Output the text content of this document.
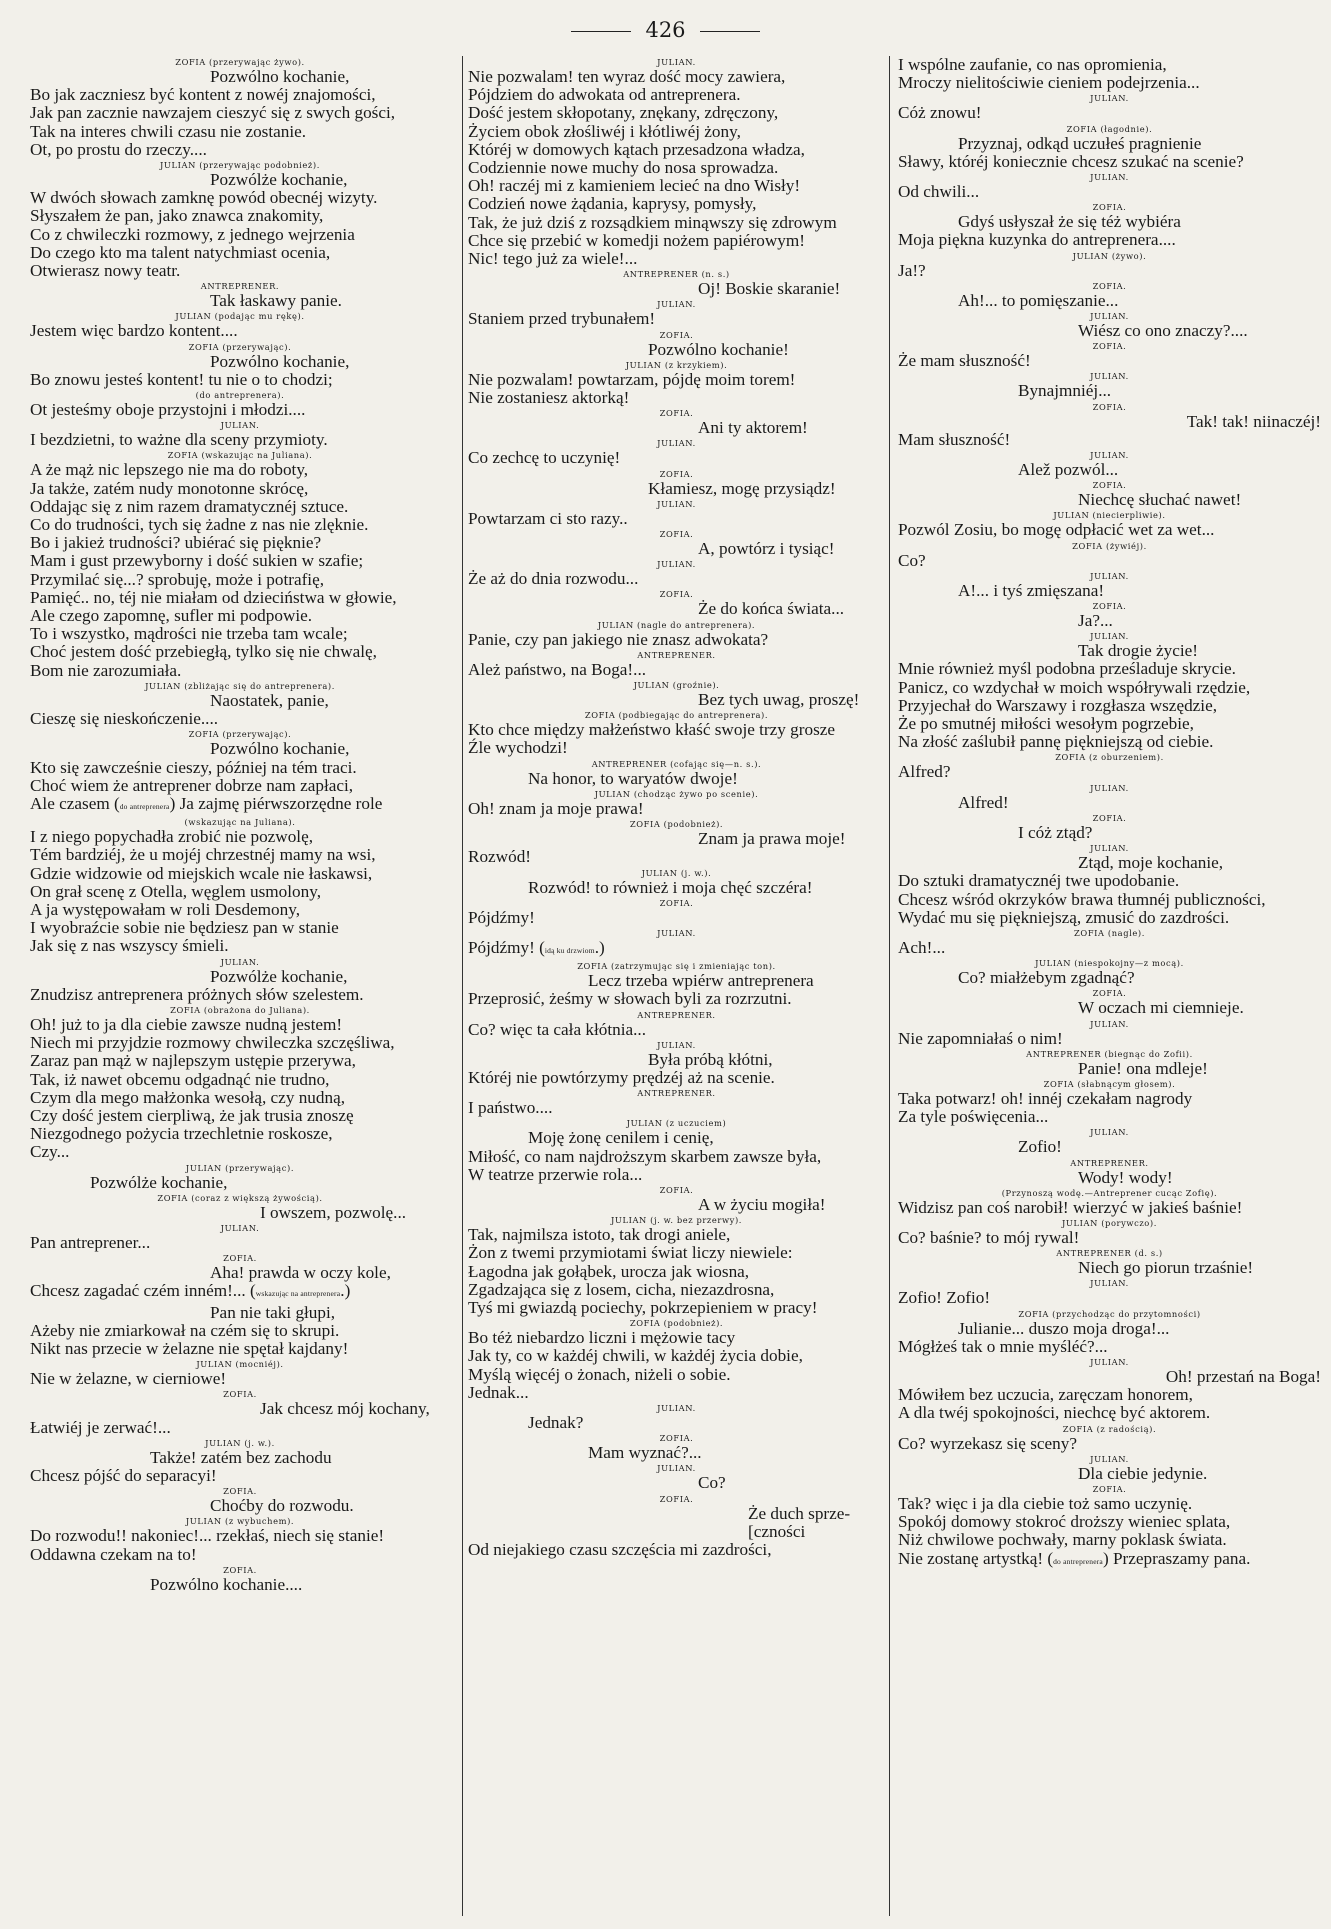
426
ZOFIA (przerywając żywo).
Pozwólno kochanie,
Bo jak zaczniesz być kontent z nowéj znajomości,
Jak pan zacznie nawzajem cieszyć się z swych gości,
Tak na interes chwili czasu nie zostanie.
Ot, po prostu do rzeczy....
JULIAN (przerywając podobnież).
Pozwólże kochanie,
W dwóch słowach zamknę powód obecnéj wizyty.
Słyszałem że pan, jako znawca znakomity,
Co z chwileczki rozmowy, z jednego wejrzenia
Do czego kto ma talent natychmiast ocenia,
Otwierasz nowy teatr.
ANTREPRENER.
Tak łaskawy panie.
JULIAN (podając mu rękę).
Jestem więc bardzo kontent....
ZOFIA (przerywając).
Pozwólno kochanie,
Bo znowu jesteś kontent! tu nie o to chodzi;
(do antreprenera).
Ot jesteśmy oboje przystojni i młodzi....
JULIAN.
I bezdzietni, to ważne dla sceny przymioty.
ZOFIA (wskazując na Juliana).
A że mąż nic lepszego nie ma do roboty,
Ja także, zatém nudy monotonne skrócę,
Oddając się z nim razem dramatycznéj sztuce.
Co do trudności, tych się żadne z nas nie zlęknie.
Bo i jakież trudności? ubiérać się pięknie?
Mam i gust przewyborny i dość sukien w szafie;
Przymilać się...? sprobuję, może i potrafię,
Pamięć.. no, téj nie miałam od dzieciństwa w głowie,
Ale czego zapomnę, sufler mi podpowie.
To i wszystko, mądrości nie trzeba tam wcale;
Choć jestem dość przebiegłą, tylko się nie chwalę,
Bom nie zarozumiała.
JULIAN (zbliżając się do antreprenera).
Naostatek, panie,
Cieszę się nieskończenie....
ZOFIA (przerywając).
Pozwólno kochanie,
Kto się zawcześnie cieszy, później na tém traci.
Choć wiem że antreprener dobrze nam zapłaci,
Ale czasem (do antreprenera) Ja zajmę piérwszorzędne role
(wskazując na Juliana).
I z niego popychadła zrobić nie pozwolę,
Tém bardziéj, że u mojéj chrzestnéj mamy na wsi,
Gdzie widzowie od miejskich wcale nie łaskawsi,
On grał scenę z Otella, węglem usmolony,
A ja występowałam w roli Desdemony,
I wyobraźcie sobie nie będziesz pan w stanie
Jak się z nas wszyscy śmieli.
JULIAN.
Pozwólże kochanie,
Znudzisz antreprenera próżnych słów szelestem.
ZOFIA (obrażona do Juliana).
Oh! już to ja dla ciebie zawsze nudną jestem!
Niech mi przyjdzie rozmowy chwileczka szczęśliwa,
Zaraz pan mąż w najlepszym ustępie przerywa,
Tak, iż nawet obcemu odgadnąć nie trudno,
Czym dla mego małżonka wesołą, czy nudną,
Czy dość jestem cierpliwą, że jak trusia znoszę
Niezgodnego pożycia trzechletnie roskosze,
Czy...
JULIAN (przerywając).
Pozwólże kochanie,
ZOFIA (coraz z większą żywością).
I owszem, pozwolę...
JULIAN.
Pan antreprener...
ZOFIA.
Aha! prawda w oczy kole,
Chcesz zagadać czém inném!... (wskazując na antreprenera.)
Pan nie taki głupi,
Ażeby nie zmiarkował na czém się to skrupi.
Nikt nas przecie w żelazne nie spętał kajdany!
JULIAN (mocniéj).
Nie w żelazne, w cierniowe!
ZOFIA.
Jak chcesz mój kochany,
Łatwiéj je zerwać!...
JULIAN (j. w.).
Także! zatém bez zachodu
Chcesz pójść do separacyi!
ZOFIA.
Choćby do rozwodu.
JULIAN (z wybuchem).
Do rozwodu!! nakoniec!... rzekłaś, niech się stanie!
Oddawna czekam na to!
ZOFIA.
Pozwólno kochanie....
JULIAN.
Nie pozwalam! ten wyraz dość mocy zawiera,
Pójdziem do adwokata od antreprenera.
Dość jestem skłopotany, znękany, zdręczony,
Życiem obok złośliwéj i kłótliwéj żony,
Któréj w domowych kątach przesadzona władza,
Codziennie nowe muchy do nosa sprowadza.
Oh! raczéj mi z kamieniem lecieć na dno Wisły!
Codzień nowe żądania, kaprysy, pomysły,
Tak, że już dziś z rozsądkiem minąwszy się zdrowym
Chce się przebić w komedji nożem papiérowym!
Nic! tego już za wiele!...
ANTREPRENER (n. s.)
Oj! Boskie skaranie!
JULIAN.
Staniem przed trybunałem!
ZOFIA.
Pozwólno kochanie!
JULIAN (z krzykiem).
Nie pozwalam! powtarzam, pójdę moim torem!
Nie zostaniesz aktorką!
ZOFIA.
Ani ty aktorem!
JULIAN.
Co zechcę to uczynię!
ZOFIA.
Kłamiesz, mogę przysiądz!
JULIAN.
Powtarzam ci sto razy..
ZOFIA.
A, powtórz i tysiąc!
JULIAN.
Że aż do dnia rozwodu...
ZOFIA.
Że do końca świata...
JULIAN (nagle do antreprenera).
Panie, czy pan jakiego nie znasz adwokata?
ANTREPRENER.
Ależ państwo, na Boga!...
JULIAN (groźnie).
Bez tych uwag, proszę!
ZOFIA (podbiegając do antreprenera).
Kto chce między małżeństwo kłaść swoje trzy grosze
Źle wychodzi!
ANTREPRENER (cofając się—n. s.).
Na honor, to waryatów dwoje!
JULIAN (chodząc żywo po scenie).
Oh! znam ja moje prawa!
ZOFIA (podobnież).
Znam ja prawa moje!
Rozwód!
JULIAN (j. w.).
Rozwód! to również i moja chęć szczéra!
ZOFIA.
Pójdźmy!
JULIAN.
Pójdźmy! (idą ku drzwiom.)
ZOFIA (zatrzymując się i zmieniając ton).
Lecz trzeba wpiérw antreprenera
Przeprosić, żeśmy w słowach byli za rozrzutni.
ANTREPRENER.
Co? więc ta cała kłótnia...
JULIAN.
Była próbą kłótni,
Któréj nie powtórzymy prędzéj aż na scenie.
ANTREPRENER.
I państwo....
JULIAN (z uczuciem)
Moję żonę cenilem i cenię,
Miłość, co nam najdroższym skarbem zawsze była,
W teatrze przerwie rola...
ZOFIA.
A w życiu mogiła!
JULIAN (j. w. bez przerwy).
Tak, najmilsza istoto, tak drogi aniele,
Żon z twemi przymiotami świat liczy niewiele:
Łagodna jak gołąbek, urocza jak wiosna,
Zgadzająca się z losem, cicha, niezazdrosna,
Tyś mi gwiazdą pociechy, pokrzepieniem w pracy!
ZOFIA (podobnież).
Bo téż niebardzo liczni i mężowie tacy
Jak ty, co w każdéj chwili, w każdéj życia dobie,
Myślą więcéj o żonach, niżeli o sobie.
Jednak...
JULIAN.
Jednak?
ZOFIA.
Mam wyznać?...
JULIAN.
Co?
ZOFIA.
Że duch sprze-
[czności
Od niejakiego czasu szczęścia mi zazdrości,
I wspólne zaufanie, co nas opromienia,
Mroczy nielitościwie cieniem podejrzenia...
JULIAN.
Cóż znowu!
ZOFIA (łagodnie).
Przyznaj, odkąd uczułeś pragnienie
Sławy, któréj koniecznie chcesz szukać na scenie?
JULIAN.
Od chwili...
ZOFIA.
Gdyś usłyszał że się téż wybiéra
Moja piękna kuzynka do antreprenera....
JULIAN (żywo).
Ja!?
ZOFIA.
Ah!... to pomięszanie...
JULIAN.
Wiész co ono znaczy?....
ZOFIA.
Że mam słuszność!
JULIAN.
Bynajmniéj...
ZOFIA.
Tak! tak! niinaczéj!
Mam słuszność!
JULIAN.
Alež pozwól...
ZOFIA.
Niechcę słuchać nawet!
JULIAN (niecierpliwie).
Pozwól Zosiu, bo mogę odpłacić wet za wet...
ZOFIA (żywiéj).
Co?
JULIAN.
A!... i tyś zmięszana!
ZOFIA.
Ja?...
JULIAN.
Tak drogie życie!
Mnie również myśl podobna prześladuje skrycie.
Panicz, co wzdychał w moich współrywali rzędzie,
Przyjechał do Warszawy i rozgłasza wszędzie,
Że po smutnéj miłości wesołym pogrzebie,
Na złość zaślubił pannę piękniejszą od ciebie.
ZOFIA (z oburzeniem).
Alfred?
JULIAN.
Alfred!
ZOFIA.
I cóż ztąd?
JULIAN.
Ztąd, moje kochanie,
Do sztuki dramatycznéj twe upodobanie.
Chcesz wśród okrzyków brawa tłumnéj publiczności,
Wydać mu się piękniejszą, zmusić do zazdrości.
ZOFIA (nagle).
Ach!...
JULIAN (niespokojny—z mocą).
Co? miałżebym zgadnąć?
ZOFIA.
W oczach mi ciemnieje.
JULIAN.
Nie zapomniałaś o nim!
ANTREPRENER (biegnąc do Zofii).
Panie! ona mdleje!
ZOFIA (słabnącym głosem).
Taka potwarz! oh! innéj czekałam nagrody
Za tyle poświęcenia...
JULIAN.
Zofio!
ANTREPRENER.
Wody! wody!
(Przynoszą wodę.—Antreprener cucąc Zofię).
Widzisz pan coś narobił! wierzyć w jakieś baśnie!
JULIAN (porywczo).
Co? baśnie? to mój rywal!
ANTREPRENER (d. s.)
Niech go piorun trzaśnie!
JULIAN.
Zofio! Zofio!
ZOFIA (przychodząc do przytomności)
Julianie... duszo moja droga!...
Mógłżeś tak o mnie myśléć?...
JULIAN.
Oh! przestań na Boga!
Mówiłem bez uczucia, zaręczam honorem,
A dla twéj spokojności, niechcę być aktorem.
ZOFIA (z radością).
Co? wyrzekasz się sceny?
JULIAN.
Dla ciebie jedynie.
ZOFIA.
Tak? więc i ja dla ciebie toż samo uczynię.
Spokój domowy stokroć droższy wieniec splata,
Niż chwilowe pochwały, marny poklask świata.
Nie zostanę artystką! (do antreprenera) Przepraszamy pana.
